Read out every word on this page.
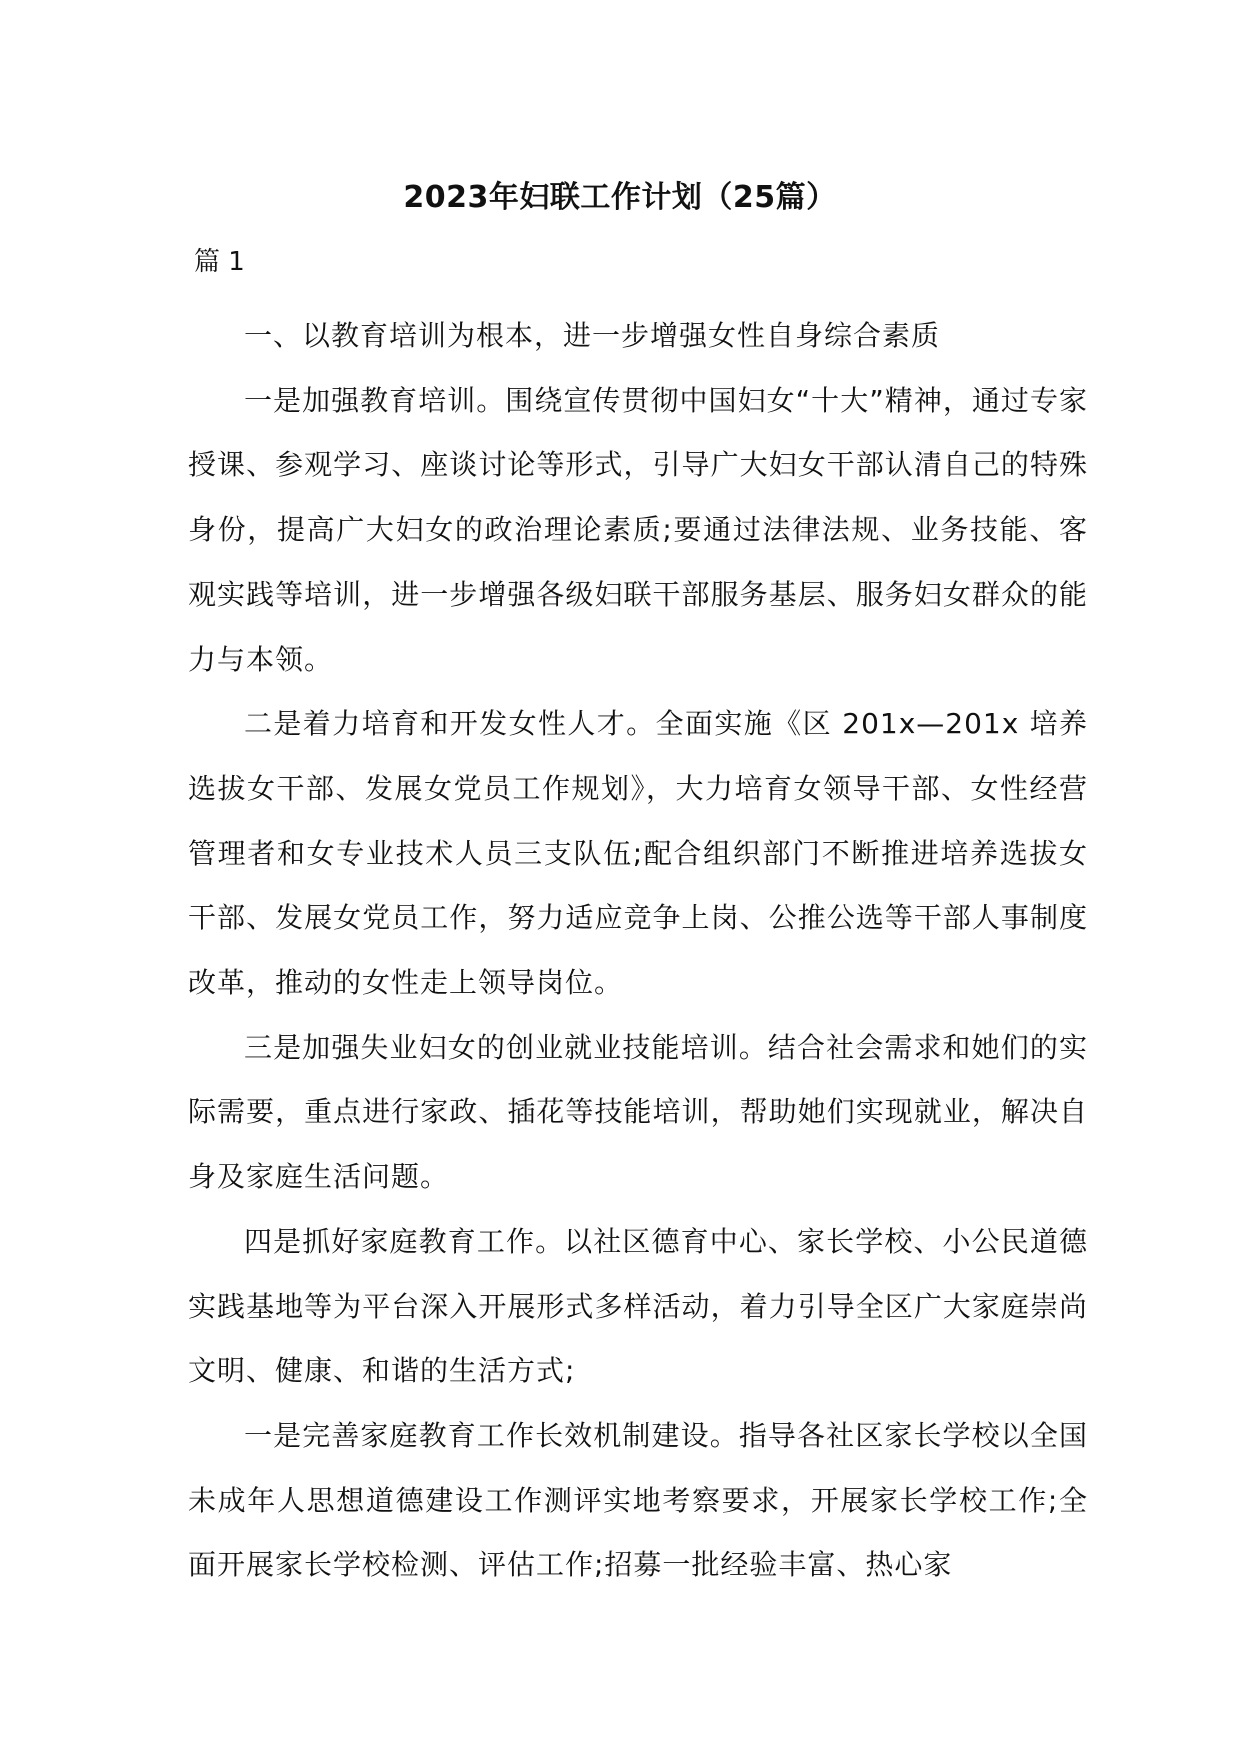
2023年妇联工作计划（25篇）
篇 1

一、以教育培训为根本，进一步增强女性自身综合素质

一是加强教育培训。围绕宣传贯彻中国妇女“十大”精神，通过专家授课、参观学习、座谈讨论等形式，引导广大妇女干部认清自己的特殊身份，提高广大妇女的政治理论素质;要通过法律法规、业务技能、客观实践等培训，进一步增强各级妇联干部服务基层、服务妇女群众的能力与本领。

二是着力培育和开发女性人才。全面实施《区 201x—201x 培养选拔女干部、发展女党员工作规划》，大力培育女领导干部、女性经营管理者和女专业技术人员三支队伍;配合组织部门不断推进培养选拔女干部、发展女党员工作，努力适应竞争上岗、公推公选等干部人事制度改革，推动的女性走上领导岗位。

三是加强失业妇女的创业就业技能培训。结合社会需求和她们的实际需要，重点进行家政、插花等技能培训，帮助她们实现就业，解决自身及家庭生活问题。

四是抓好家庭教育工作。以社区德育中心、家长学校、小公民道德实践基地等为平台深入开展形式多样活动，着力引导全区广大家庭崇尚文明、健康、和谐的生活方式;

一是完善家庭教育工作长效机制建设。指导各社区家长学校以全国未成年人思想道德建设工作测评实地考察要求，开展家长学校工作;全面开展家长学校检测、评估工作;招募一批经验丰富、热心家
